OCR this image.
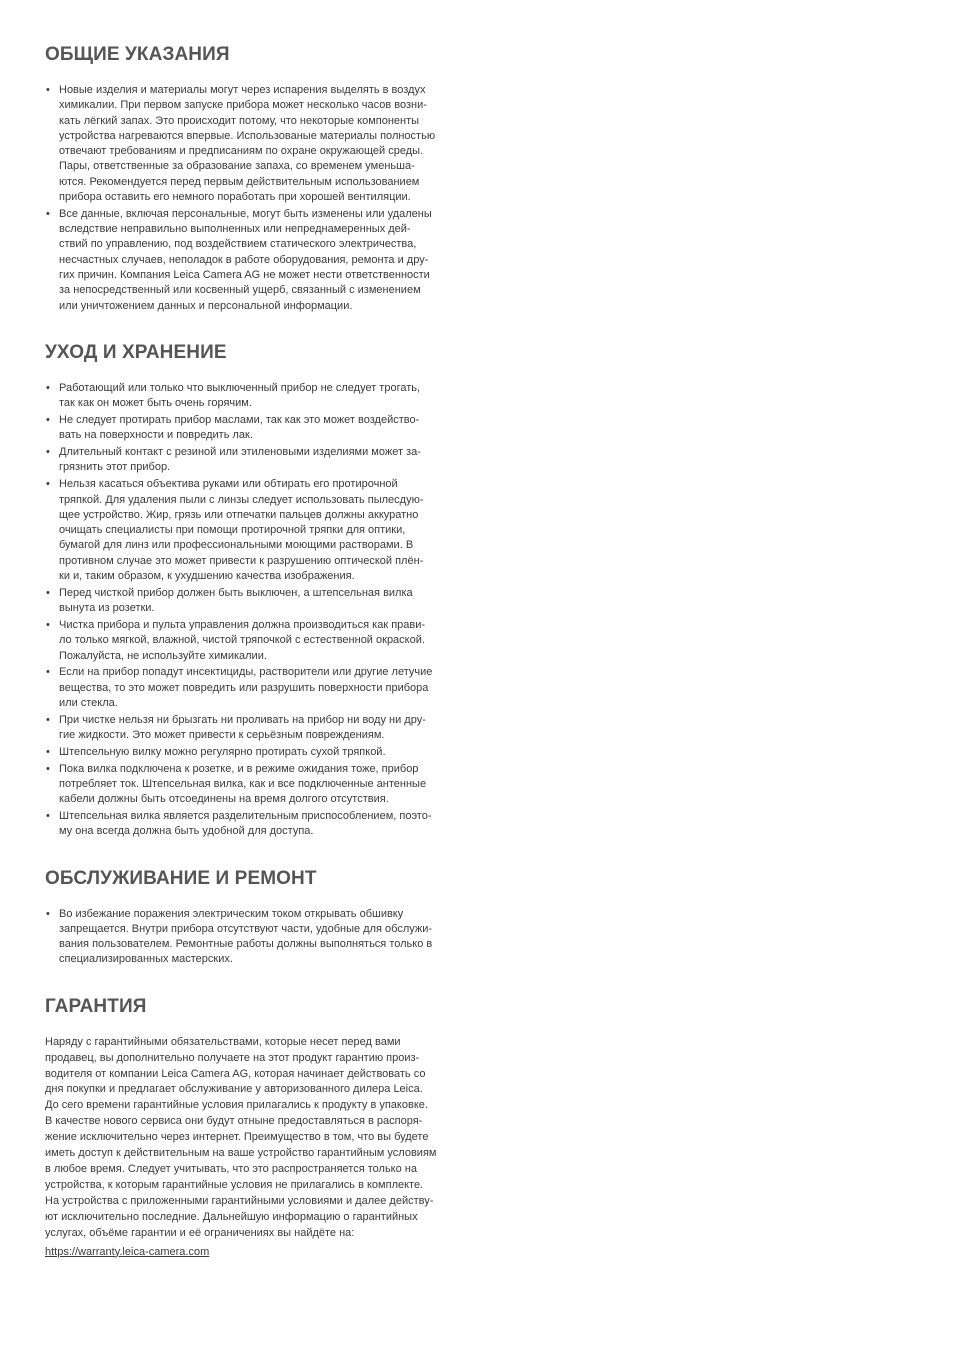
ОБЩИЕ УКАЗАНИЯ
• Новые изделия и материалы могут через испарения выделять в воздух
химикалии. При первом запуске прибора может несколько часов возни-
кать лёгкий запах. Это происходит потому, что некоторые компоненты
устройства нагреваются впервые. Использованые материалы полностью
отвечают требованиям и предписаниям по охране окружающей среды.
Пары, ответственные за образование запаха, со временем уменьша-
ются. Рекомендуется перед первым действительным использованием
прибора оставить его немного поработать при хорошей вентиляции.
• Все данные, включая персональные, могут быть изменены или удалены
вследствие неправильно выполненных или непреднамеренных дей-
ствий по управлению, под воздействием статического электричества,
несчастных случаев, неполадок в работе оборудования, ремонта и дру-
гих причин. Компания Leica Camera AG не может нести ответственности
за непосредственный или косвенный ущерб, связанный с изменением
или уничтожением данных и персональной информации.
УХОД И ХРАНЕНИЕ
• Работающий или только что выключенный прибор не следует трогать,
так как он может быть очень горячим.
• Не следует протирать прибор маслами, так как это может воздейство-
вать на поверхности и повредить лак.
• Длительный контакт с резиной или этиленовыми изделиями может за-
грязнить этот прибор.
• Нельзя касаться объектива руками или обтирать его протирочной
тряпкой. Для удаления пыли с линзы следует использовать пылесдую-
щее устройство. Жир, грязь или отпечатки пальцев должны аккуратно
очищать специалисты при помощи протирочной тряпки для оптики,
бумагой для линз или профессиональными моющими растворами. В
противном случае это может привести к разрушению оптической плён-
ки и, таким образом, к ухудшению качества изображения.
• Перед чисткой прибор должен быть выключен, а штепсельная вилка
вынута из розетки.
• Чистка прибора и пульта управления должна производиться как прави-
ло только мягкой, влажной, чистой тряпочкой с естественной окраской.
Пожалуйста, не используйте химикалии.
• Если на прибор попадут инсектициды, растворители или другие летучие
вещества, то это может повредить или разрушить поверхности прибора
или стекла.
• При чистке нельзя ни брызгать ни проливать на прибор ни воду ни дру-
гие жидкости. Это может привести к серьёзным повреждениям.
• Штепсельную вилку можно регулярно протирать сухой тряпкой.
• Пока вилка подключена к розетке, и в режиме ожидания тоже, прибор
потребляет ток. Штепсельная вилка, как и все подключенные антенные
кабели должны быть отсоединены на время долгого отсутствия.
• Штепсельная вилка является разделительным приспособлением, поэто-
му она всегда должна быть удобной для доступа.
ОБСЛУЖИВАНИЕ И РЕМОНТ
• Во избежание поражения электрическим током открывать обшивку
запрещается. Внутри прибора отсутствуют части, удобные для обслужи-
вания пользователем. Ремонтные работы должны выполняться только в
специализированных мастерских.
ГАРАНТИЯ

Наряду с гарантийными обязательствами, которые несет перед вами
продавец, вы дополнительно получаете на этот продукт гарантию произ-
водителя от компании Leica Camera AG, которая начинает действовать со
дня покупки и предлагает обслуживание у авторизованного дилера Leica.
До сего времени гарантийные условия прилагались к продукту в упаковке.
В качестве нового сервиса они будут отныне предоставляться в распоря-
жение исключительно через интернет. Преимущество в том, что вы будете
иметь доступ к действительным на ваше устройство гарантийным условиям
в любое время. Следует учитывать, что это распространяется только на
устройства, к которым гарантийные условия не прилагались в комплекте.
На устройства с приложенными гарантийными условиями и далее действу-
ют исключительно последние. Дальнейшую информацию о гарантийных
услугах, объёме гарантии и её ограничениях вы найдёте на:

https://warranty.leica-camera.com
